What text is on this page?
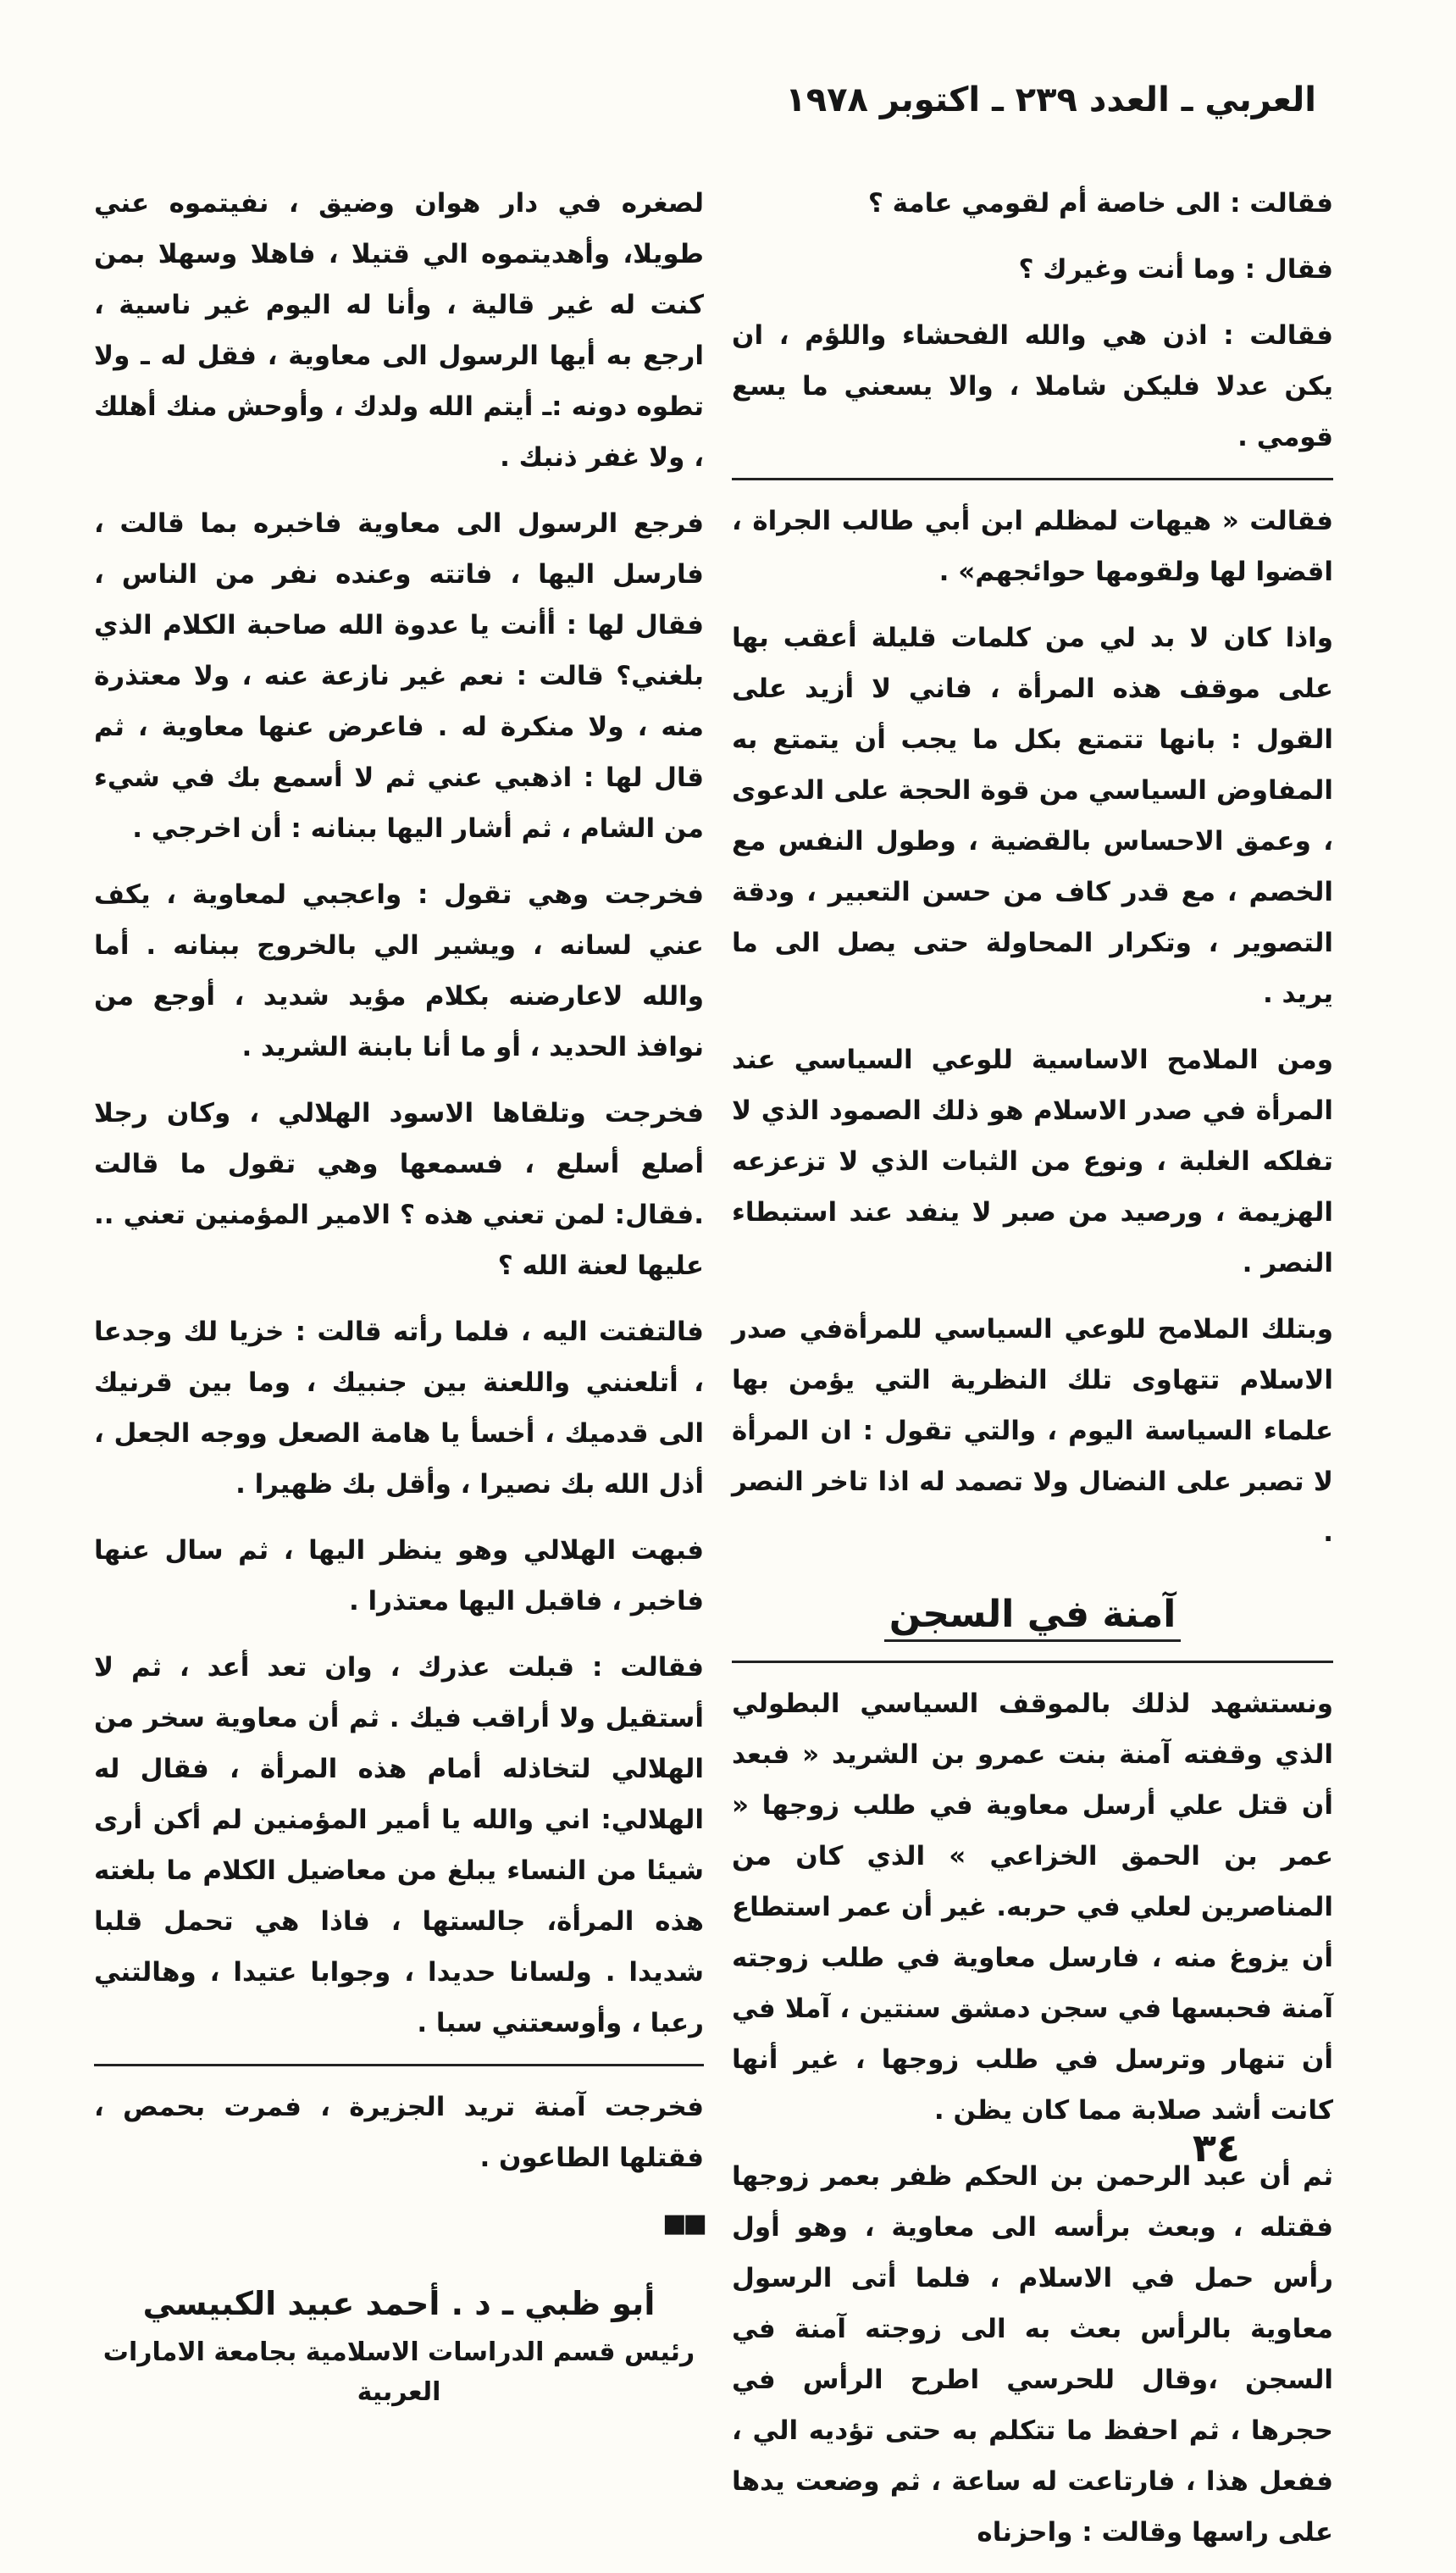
العربي ـ العدد ٢٣٩ ـ اكتوبر ١٩٧٨

فقالت : الى خاصة أم لقومي عامة ؟

فقال : وما أنت وغيرك ؟

فقالت : اذن هي والله الفحشاء واللؤم ، ان يكن عدلا فليكن شاملا ، والا يسعني ما يسع قومي .

فقالت « هيهات لمظلم ابن أبي طالب الجراة ، اقضوا لها ولقومها حوائجهم» .

واذا كان لا بد لي من كلمات قليلة أعقب بها على موقف هذه المرأة ، فاني لا أزيد على القول : بانها تتمتع بكل ما يجب أن يتمتع به المفاوض السياسي من قوة الحجة على الدعوى ، وعمق الاحساس بالقضية ، وطول النفس مع الخصم ، مع قدر كاف من حسن التعبير ، ودقة التصوير ، وتكرار المحاولة حتى يصل الى ما يريد .

ومن الملامح الاساسية للوعي السياسي عند المرأة في صدر الاسلام هو ذلك الصمود الذي لا تفلكه الغلبة ، ونوع من الثبات الذي لا تزعزعه الهزيمة ، ورصيد من صبر لا ينفد عند استبطاء النصر .

وبتلك الملامح للوعي السياسي للمرأةفي صدر الاسلام تتهاوى تلك النظرية التي يؤمن بها علماء السياسة اليوم ، والتي تقول : ان المرأة لا تصبر على النضال ولا تصمد له اذا تاخر النصر .

آمنة في السجن

ونستشهد لذلك بالموقف السياسي البطولي الذي وقفته آمنة بنت عمرو بن الشريد « فبعد أن قتل علي أرسل معاوية في طلب زوجها « عمر بن الحمق الخزاعي » الذي كان من المناصرين لعلي في حربه. غير أن عمر استطاع أن يزوغ منه ، فارسل معاوية في طلب زوجته آمنة فحبسها في سجن دمشق سنتين ، آملا في أن تنهار وترسل في طلب زوجها ، غير أنها كانت أشد صلابة مما كان يظن .

ثم أن عبد الرحمن بن الحكم ظفر بعمر زوجها فقتله ، وبعث برأسه الى معاوية ، وهو أول رأس حمل في الاسلام ، فلما أتى الرسول معاوية بالرأس بعث به الى زوجته آمنة في السجن ،وقال للحرسي اطرح الرأس في حجرها ، ثم احفظ ما تتكلم به حتى تؤديه الي ، ففعل هذا ، فارتاعت له ساعة ، ثم وضعت يدها على راسها وقالت : واحزناه

لصغره في دار هوان وضيق ، نفيتموه عني طويلا، وأهديتموه الي قتيلا ، فاهلا وسهلا بمن كنت له غير قالية ، وأنا له اليوم غير ناسية ، ارجع به أيها الرسول الى معاوية ، فقل له ـ ولا تطوه دونه :ـ أيتم الله ولدك ، وأوحش منك أهلك ، ولا غفر ذنبك .

فرجع الرسول الى معاوية فاخبره بما قالت ، فارسل اليها ، فاتته وعنده نفر من الناس ، فقال لها : أأنت يا عدوة الله صاحبة الكلام الذي بلغني؟ قالت : نعم غير نازعة عنه ، ولا معتذرة منه ، ولا منكرة له . فاعرض عنها معاوية ، ثم قال لها : اذهبي عني ثم لا أسمع بك في شيء من الشام ، ثم أشار اليها ببنانه : أن اخرجي .

فخرجت وهي تقول : واعجبي لمعاوية ، يكف عني لسانه ، ويشير الي بالخروج ببنانه . أما والله لاعارضنه بكلام مؤيد شديد ، أوجع من نوافذ الحديد ، أو ما أنا بابنة الشريد .

فخرجت وتلقاها الاسود الهلالي ، وكان رجلا أصلع أسلع ، فسمعها وهي تقول ما قالت .فقال: لمن تعني هذه ؟ الامير المؤمنين تعني .. عليها لعنة الله ؟

فالتفتت اليه ، فلما رأته قالت : خزيا لك وجدعا ، أتلعنني واللعنة بين جنبيك ، وما بين قرنيك الى قدميك ، أخسأ يا هامة الصعل ووجه الجعل ، أذل الله بك نصيرا ، وأقل بك ظهيرا .

فبهت الهلالي وهو ينظر اليها ، ثم سال عنها فاخبر ، فاقبل اليها معتذرا .

فقالت : قبلت عذرك ، وان تعد أعد ، ثم لا أستقيل ولا أراقب فيك . ثم أن معاوية سخر من الهلالي لتخاذله أمام هذه المرأة ، فقال له الهلالي: اني والله يا أمير المؤمنين لم أكن أرى شيئا من النساء يبلغ من معاضيل الكلام ما بلغته هذه المرأة، جالستها ، فاذا هي تحمل قلبا شديدا . ولسانا حديدا ، وجوابا عتيدا ، وهالتني رعبا ، وأوسعتني سبا .

فخرجت آمنة تريد الجزيرة ، فمرت بحمص ، فقتلها الطاعون .

■■
أبو ظبي ـ د . أحمد عبيد الكبيسي
رئيس قسم الدراسات الاسلامية بجامعة الامارات العربية
٣٤
